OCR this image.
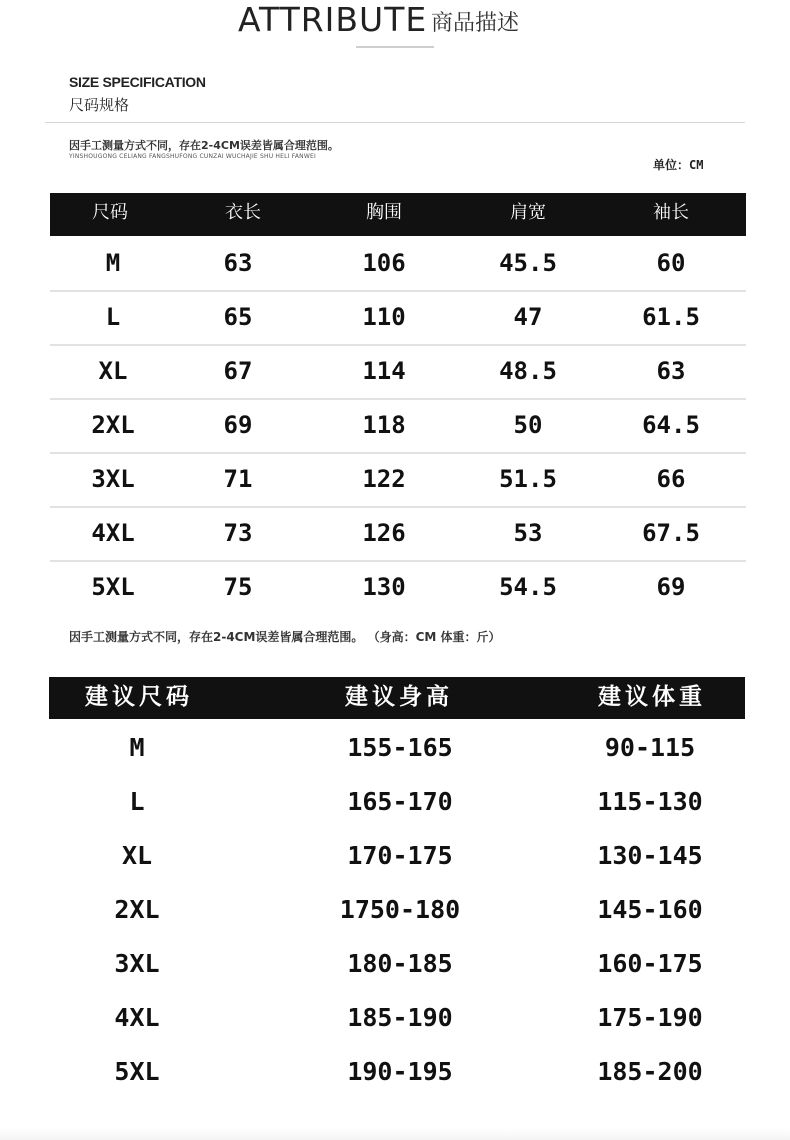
ATTRIBUTE 商品描述
SIZE SPECIFICATION
尺码规格
因手工测量方式不同，存在2-4CM误差皆属合理范围。
YINSHOUGONG CELIANG FANGSHUFONG CUNZAI WUCHAJIE SHU HELI FANWEI
单位：CM
尺码	衣长	胸围	肩宽	袖长
M	63	106	45.5	60
L	65	110	47	61.5
XL	67	114	48.5	63
2XL	69	118	50	64.5
3XL	71	122	51.5	66
4XL	73	126	53	67.5
5XL	75	130	54.5	69
因手工测量方式不同，存在2-4CM误差皆属合理范围。 （身高：CM 体重：斤）
建议尺码	建议身高	建议体重
M	155-165	90-115
L	165-170	115-130
XL	170-175	130-145
2XL	1750-180	145-160
3XL	180-185	160-175
4XL	185-190	175-190
5XL	190-195	185-200
